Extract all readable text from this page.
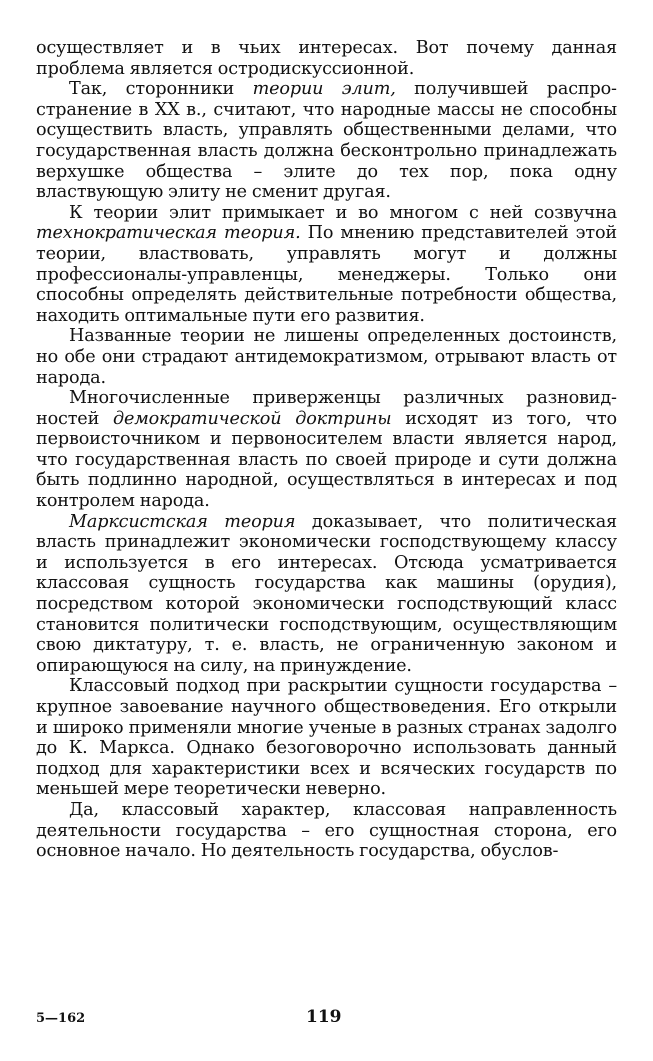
осуществляет и в чьих интересах. Вот почему данная проблема является остродискуссионной.

Так, сторонники теории элит, получившей распространение в XX в., считают, что народные массы не способны осуществить власть, управлять общественными делами, что государственная власть должна бесконтрольно принадлежать верхушке общества – элите до тех пор, пока одну властвующую элиту не сменит другая.

К теории элит примыкает и во многом с ней созвучна технократическая теория. По мнению представителей этой теории, властвовать, управлять могут и должны профессионалы-управленцы, менеджеры. Только они способны определять действительные потребности общества, находить оптимальные пути его развития.

Названные теории не лишены определенных достоинств, но обе они страдают антидемократизмом, отрывают власть от народа.

Многочисленные приверженцы различных разновидностей демократической доктрины исходят из того, что первоисточником и первоносителем власти является народ, что государственная власть по своей природе и сути должна быть подлинно народной, осуществляться в интересах и под контролем народа.

Марксистская теория доказывает, что политическая власть принадлежит экономически господствующему классу и используется в его интересах. Отсюда усматривается классовая сущность государства как машины (орудия), посредством которой экономически господствующий класс становится политически господствующим, осуществляющим свою диктатуру, т. е. власть, не ограниченную законом и опирающуюся на силу, на принуждение.

Классовый подход при раскрытии сущности государства – крупное завоевание научного обществоведения. Его открыли и широко применяли многие ученые в разных странах задолго до К. Маркса. Однако безоговорочно использовать данный подход для характеристики всех и всяческих государств по меньшей мере теоретически неверно.

Да, классовый характер, классовая направленность деятельности государства – его сущностная сторона, его основное начало. Но деятельность государства, обуслов-

5—162	119
